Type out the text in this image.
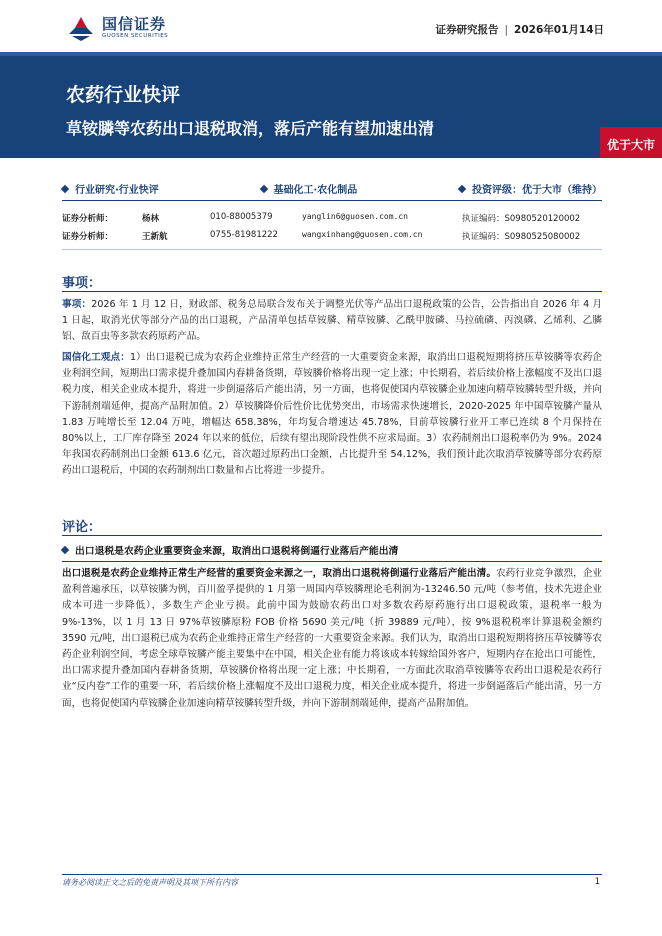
国信证券
GUOSEN SECURITIES	证券研究报告 | 2026年01月14日
农药行业快评
草铵膦等农药出口退税取消，落后产能有望加速出清
优于大市
行业研究·行业快评	基础化工·农化制品	投资评级：优于大市（维持）
证券分析师：	杨林	010-88005379	yanglin6@guosen.com.cn	执证编码：S0980520120002
证券分析师：	王新航	0755-81981222	wangxinhang@guosen.com.cn	执证编码：S0980525080002
事项：
事项：2026 年 1 月 12 日，财政部、税务总局联合发布关于调整光伏等产品出口退税政策的公告，公告指出自 2026 年 4 月 1 日起，取消光伏等部分产品的出口退税，产品清单包括草铵膦、精草铵膦、乙酰甲胺磷、马拉硫磷、丙溴磷、乙烯利、乙膦铝、敌百虫等多款农药原药产品。
国信化工观点：1）出口退税已成为农药企业维持正常生产经营的一大重要资金来源，取消出口退税短期将挤压草铵膦等农药企业利润空间，短期出口需求提升叠加国内春耕备货期，草铵膦价格将出现一定上涨；中长期看，若后续价格上涨幅度不及出口退税力度，相关企业成本提升，将进一步倒逼落后产能出清，另一方面，也将促使国内草铵膦企业加速向精草铵膦转型升级，并向下游制剂端延伸，提高产品附加值。2）草铵膦降价后性价比优势突出，市场需求快速增长，2020-2025 年中国草铵膦产量从 1.83 万吨增长至 12.04 万吨，增幅达 658.38%，年均复合增速达 45.78%，目前草铵膦行业开工率已连续 8 个月保持在 80%以上，工厂库存降至 2024 年以来的低位，后续有望出现阶段性供不应求局面。3）农药制剂出口退税率仍为 9%。2024 年我国农药制剂出口金额 613.6 亿元，首次超过原药出口金额，占比提升至 54.12%，我们预计此次取消草铵膦等部分农药原药出口退税后，中国的农药制剂出口数量和占比将进一步提升。
评论：
出口退税是农药企业重要资金来源，取消出口退税将倒逼行业落后产能出清
出口退税是农药企业维持正常生产经营的重要资金来源之一，取消出口退税将倒逼行业落后产能出清。农药行业竞争激烈，企业盈利普遍承压，以草铵膦为例，百川盈孚提供的 1 月第一周国内草铵膦理论毛利润为-13246.50 元/吨（参考值，技术先进企业成本可进一步降低），多数生产企业亏损。此前中国为鼓励农药出口对多数农药原药施行出口退税政策，退税率一般为 9%-13%，以 1 月 13 日 97%草铵膦原粉 FOB 价格 5690 美元/吨（折 39889 元/吨），按 9%退税税率计算退税金额约 3590 元/吨，出口退税已成为农药企业维持正常生产经营的一大重要资金来源。我们认为，取消出口退税短期将挤压草铵膦等农药企业利润空间，考虑全球草铵膦产能主要集中在中国，相关企业有能力将该成本转嫁给国外客户，短期内存在抢出口可能性，出口需求提升叠加国内春耕备货期，草铵膦价格将出现一定上涨；中长期看，一方面此次取消草铵膦等农药出口退税是农药行业“反内卷”工作的重要一环，若后续价格上涨幅度不及出口退税力度，相关企业成本提升，将进一步倒逼落后产能出清，另一方面，也将促使国内草铵膦企业加速向精草铵膦转型升级，并向下游制剂端延伸，提高产品附加值。
请务必阅读正文之后的免责声明及其项下所有内容	1
